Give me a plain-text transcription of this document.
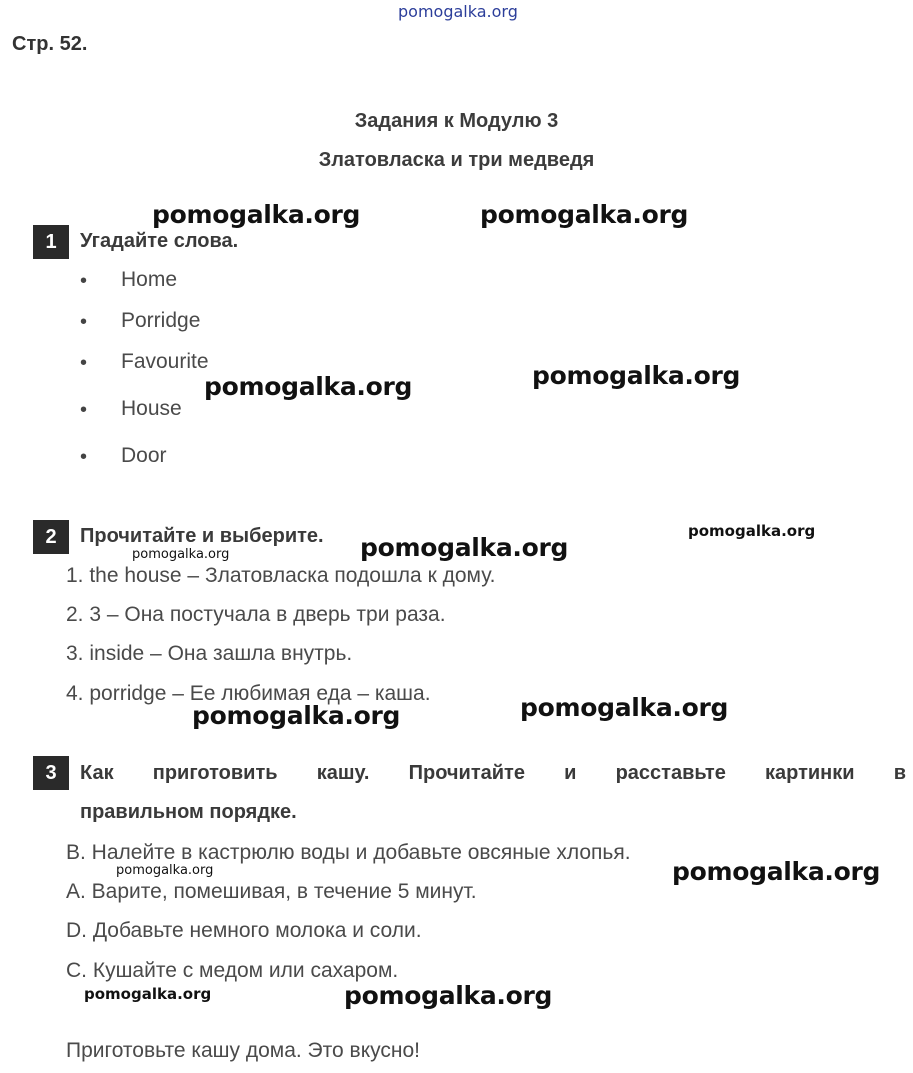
pomogalka.org
Стр. 52.
Задания к Модулю 3
Златовласка и три медведя
1	Угадайте слова.
• Home
• Porridge
• Favourite
• House
• Door
2	Прочитайте и выберите.
1. the house – Златовласка подошла к дому.
2. 3 – Она постучала в дверь три раза.
3. inside – Она зашла внутрь.
4. porridge – Ее любимая еда – каша.
3	Как приготовить кашу. Прочитайте и расставьте картинки в
правильном порядке.
B. Налейте в кастрюлю воды и добавьте овсяные хлопья.
A. Варите, помешивая, в течение 5 минут.
D. Добавьте немного молока и соли.
C. Кушайте с медом или сахаром.
Приготовьте кашу дома. Это вкусно!
pomogalka.org	pomogalka.org
pomogalka.org	pomogalka.org
pomogalka.org
pomogalka.org	pomogalka.org
pomogalka.org	pomogalka.org
pomogalka.org	pomogalka.org
pomogalka.org	pomogalka.org
